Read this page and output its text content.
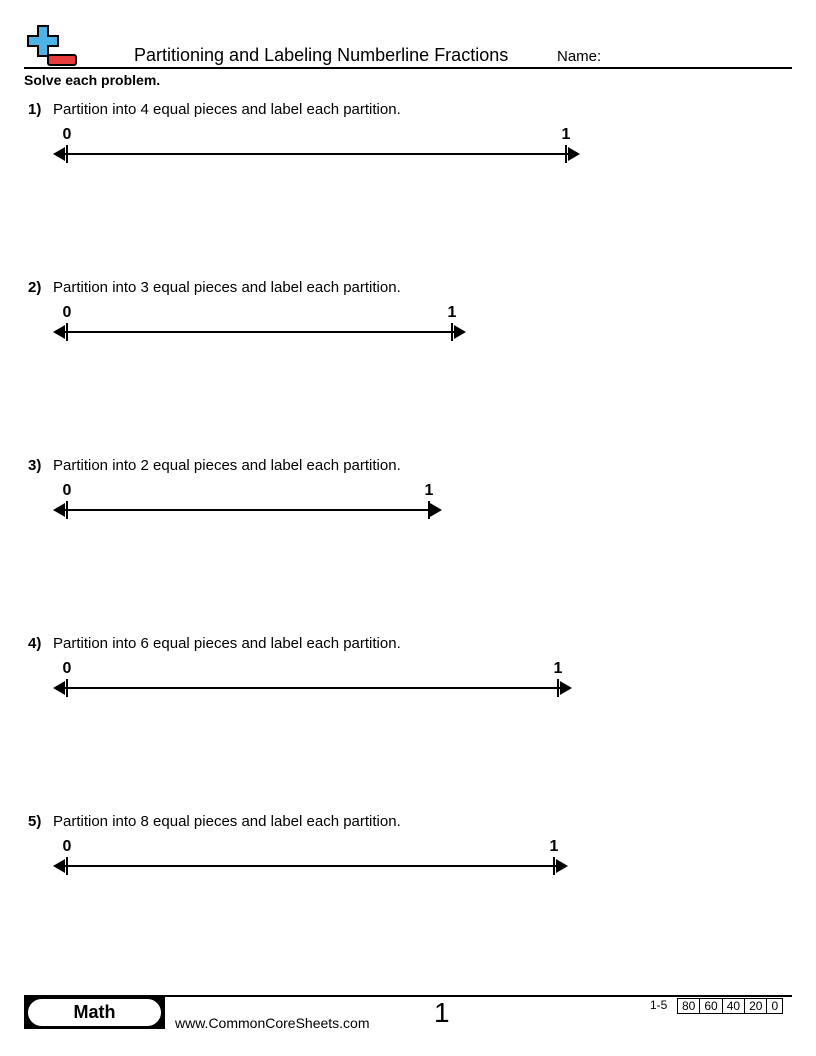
Partitioning and Labeling Numberline Fractions	Name:
Solve each problem.
1) Partition into 4 equal pieces and label each partition.
0	1
2) Partition into 3 equal pieces and label each partition.
0	1
3) Partition into 2 equal pieces and label each partition.
0	1
4) Partition into 6 equal pieces and label each partition.
0	1
5) Partition into 8 equal pieces and label each partition.
0	1
Math
www.CommonCoreSheets.com 1	1-5	80 60 40 20 0
